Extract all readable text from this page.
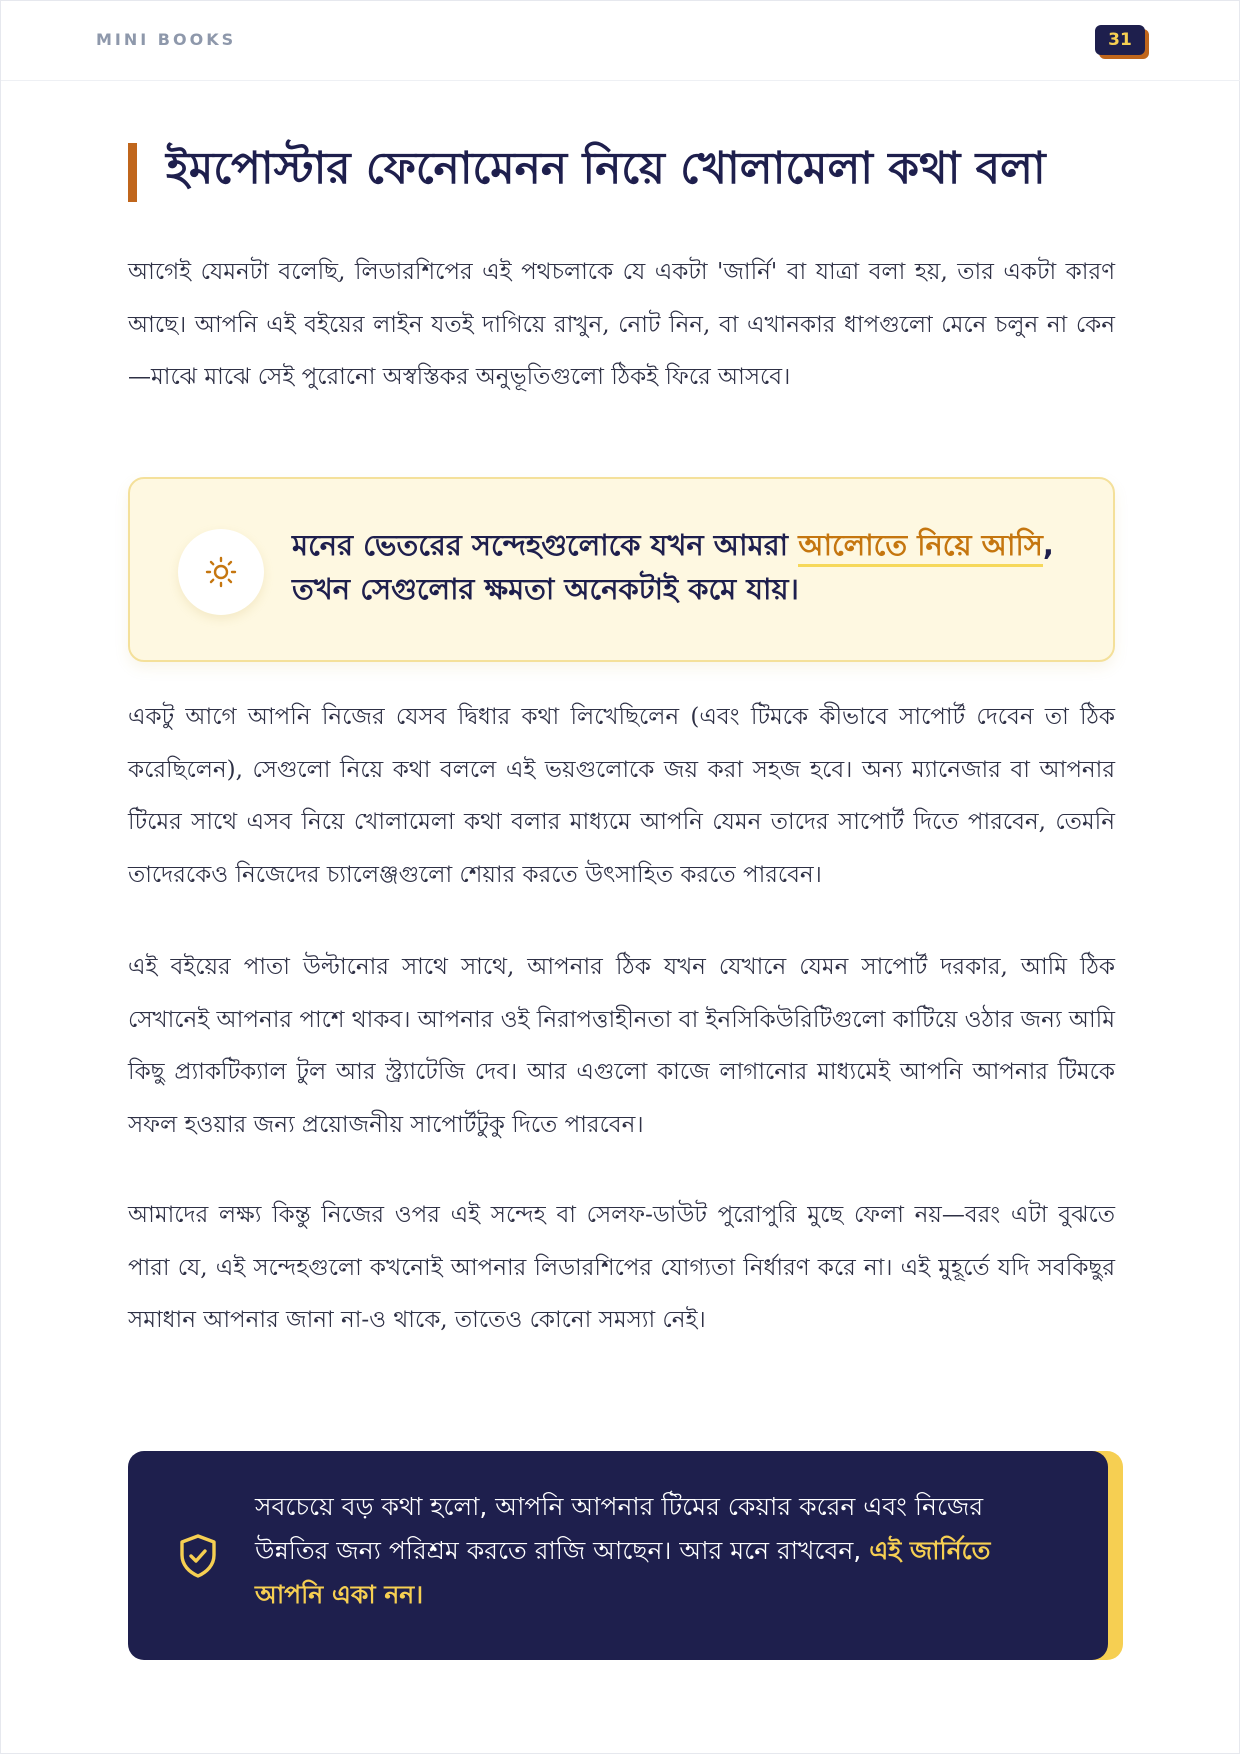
MINI BOOKS	31
ইমপোস্টার ফেনোমেনন নিয়ে খোলামেলা কথা বলা

আগেই যেমনটা বলেছি, লিডারশিপের এই পথচলাকে যে একটা 'জার্নি' বা যাত্রা বলা হয়, তার একটা কারণ আছে। আপনি এই বইয়ের লাইন যতই দাগিয়ে রাখুন, নোট নিন, বা এখানকার ধাপগুলো মেনে চলুন না কেন—মাঝে মাঝে সেই পুরোনো অস্বস্তিকর অনুভূতিগুলো ঠিকই ফিরে আসবে।

মনের ভেতরের সন্দেহগুলোকে যখন আমরা আলোতে নিয়ে আসি, তখন সেগুলোর ক্ষমতা অনেকটাই কমে যায়।

একটু আগে আপনি নিজের যেসব দ্বিধার কথা লিখেছিলেন (এবং টিমকে কীভাবে সাপোর্ট দেবেন তা ঠিক করেছিলেন), সেগুলো নিয়ে কথা বললে এই ভয়গুলোকে জয় করা সহজ হবে। অন্য ম্যানেজার বা আপনার টিমের সাথে এসব নিয়ে খোলামেলা কথা বলার মাধ্যমে আপনি যেমন তাদের সাপোর্ট দিতে পারবেন, তেমনি তাদেরকেও নিজেদের চ্যালেঞ্জগুলো শেয়ার করতে উৎসাহিত করতে পারবেন।

এই বইয়ের পাতা উল্টানোর সাথে সাথে, আপনার ঠিক যখন যেখানে যেমন সাপোর্ট দরকার, আমি ঠিক সেখানেই আপনার পাশে থাকব। আপনার ওই নিরাপত্তাহীনতা বা ইনসিকিউরিটিগুলো কাটিয়ে ওঠার জন্য আমি কিছু প্র্যাকটিক্যাল টুল আর স্ট্র্যাটেজি দেব। আর এগুলো কাজে লাগানোর মাধ্যমেই আপনি আপনার টিমকে সফল হওয়ার জন্য প্রয়োজনীয় সাপোর্টটুকু দিতে পারবেন।

আমাদের লক্ষ্য কিন্তু নিজের ওপর এই সন্দেহ বা সেলফ-ডাউট পুরোপুরি মুছে ফেলা নয়—বরং এটা বুঝতে পারা যে, এই সন্দেহগুলো কখনোই আপনার লিডারশিপের যোগ্যতা নির্ধারণ করে না। এই মুহূর্তে যদি সবকিছুর সমাধান আপনার জানা না-ও থাকে, তাতেও কোনো সমস্যা নেই।

সবচেয়ে বড় কথা হলো, আপনি আপনার টিমের কেয়ার করেন এবং নিজের উন্নতির জন্য পরিশ্রম করতে রাজি আছেন। আর মনে রাখবেন, এই জার্নিতে আপনি একা নন।
